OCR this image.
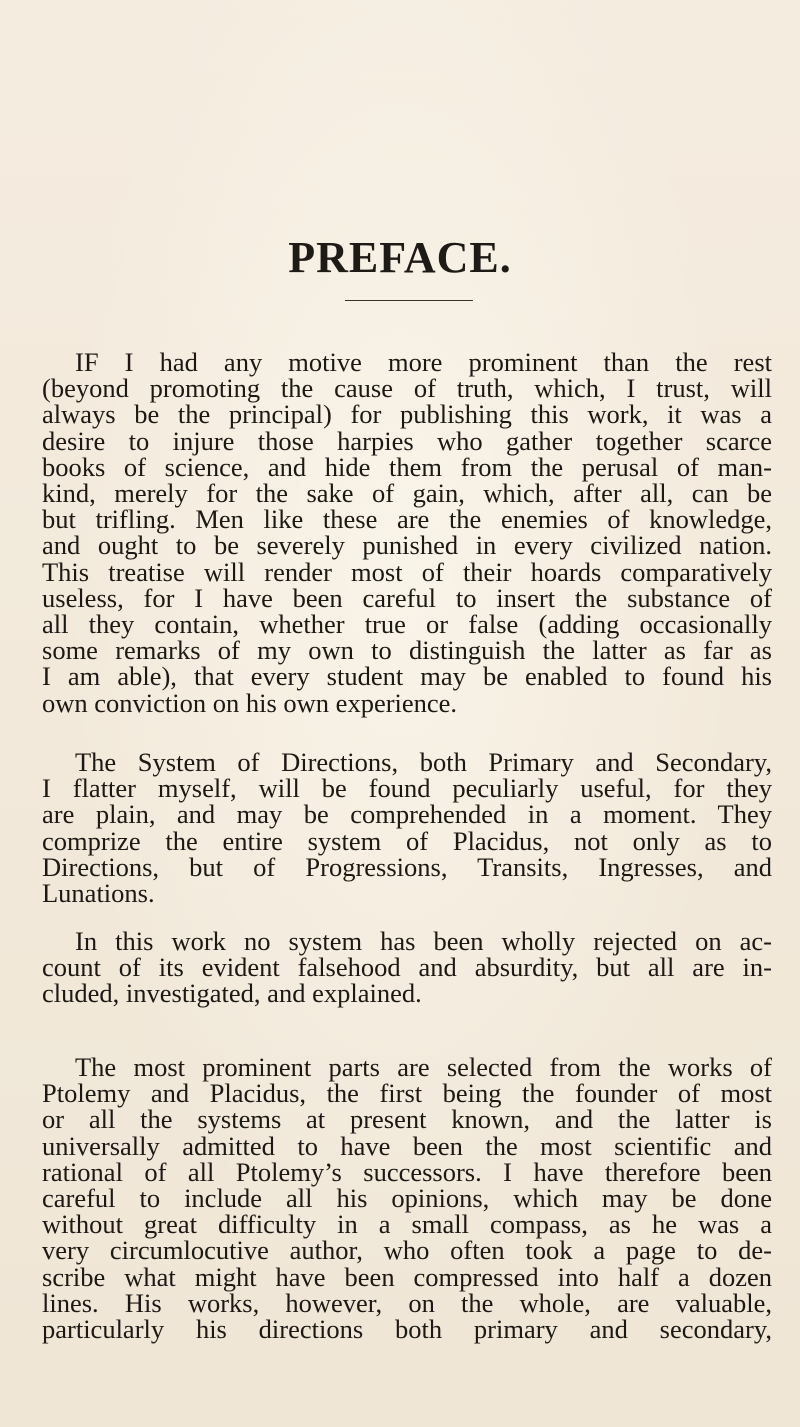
PREFACE.
IF I had any motive more prominent than the rest
(beyond promoting the cause of truth, which, I trust, will
always be the principal) for publishing this work, it was a
desire to injure those harpies who gather together scarce
books of science, and hide them from the perusal of man-
kind, merely for the sake of gain, which, after all, can be
but trifling. Men like these are the enemies of knowledge,
and ought to be severely punished in every civilized nation.
This treatise will render most of their hoards comparatively
useless, for I have been careful to insert the substance of
all they contain, whether true or false (adding occasionally
some remarks of my own to distinguish the latter as far as
I am able), that every student may be enabled to found his
own conviction on his own experience.
The System of Directions, both Primary and Secondary,
I flatter myself, will be found peculiarly useful, for they
are plain, and may be comprehended in a moment. They
comprize the entire system of Placidus, not only as to
Directions, but of Progressions, Transits, Ingresses, and
Lunations.
In this work no system has been wholly rejected on ac-
count of its evident falsehood and absurdity, but all are in-
cluded, investigated, and explained.
The most prominent parts are selected from the works of
Ptolemy and Placidus, the first being the founder of most
or all the systems at present known, and the latter is
universally admitted to have been the most scientific and
rational of all Ptolemy’s successors. I have therefore been
careful to include all his opinions, which may be done
without great difficulty in a small compass, as he was a
very circumlocutive author, who often took a page to de-
scribe what might have been compressed into half a dozen
lines. His works, however, on the whole, are valuable,
particularly his directions both primary and secondary,
